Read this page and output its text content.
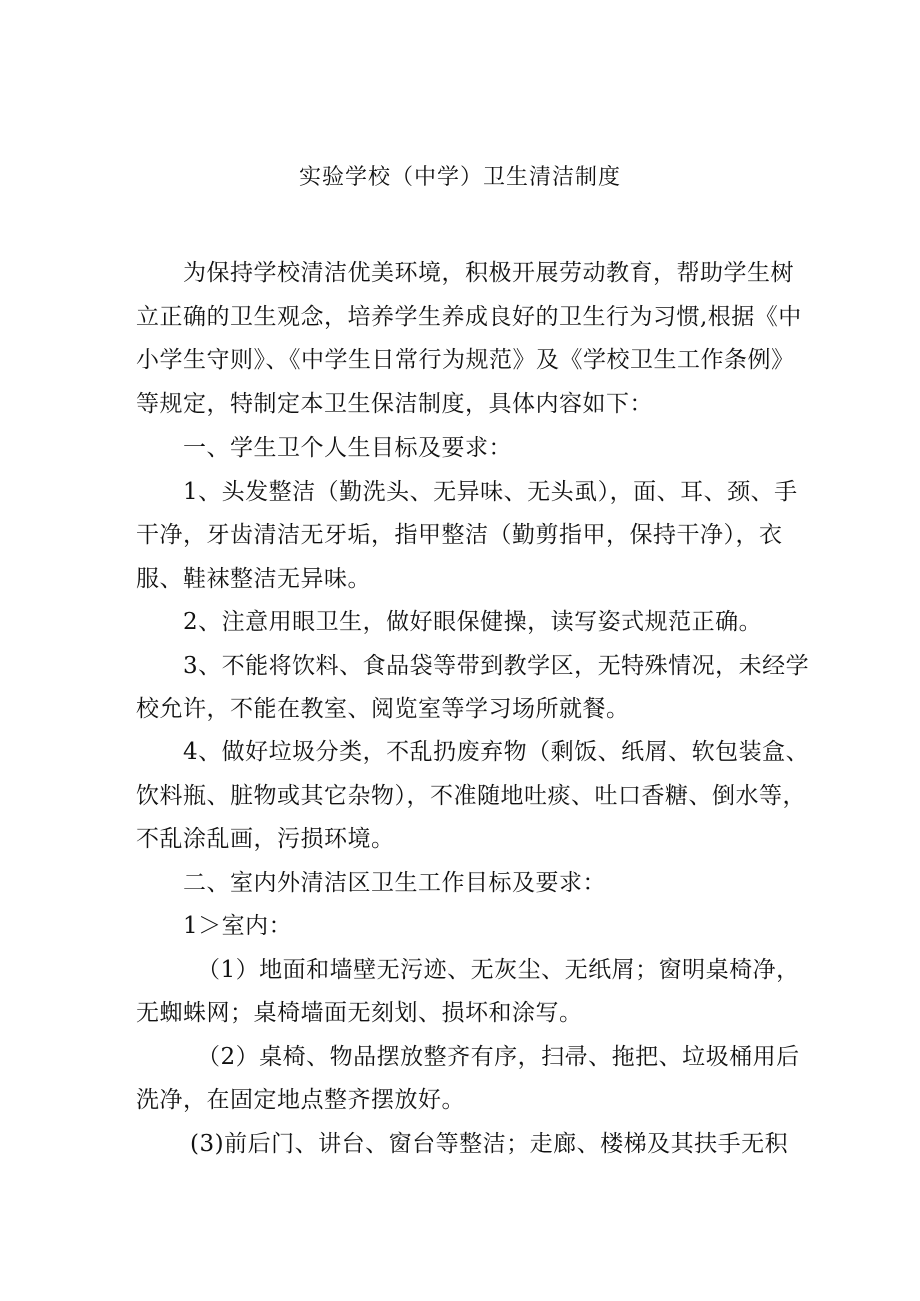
实验学校（中学）卫生清洁制度
为保持学校清洁优美环境，积极开展劳动教育，帮助学生树
立正确的卫生观念，培养学生养成良好的卫生行为习惯,根据《中
小学生守则》、《中学生日常行为规范》及《学校卫生工作条例》
等规定，特制定本卫生保洁制度，具体内容如下：
一、学生卫个人生目标及要求：
1、头发整洁（勤洗头、无异味、无头虱），面、耳、颈、手
干净，牙齿清洁无牙垢，指甲整洁（勤剪指甲，保持干净），衣
服、鞋袜整洁无异味。
2、注意用眼卫生，做好眼保健操，读写姿式规范正确。
3、不能将饮料、食品袋等带到教学区，无特殊情况，未经学
校允许，不能在教室、阅览室等学习场所就餐。
4、做好垃圾分类，不乱扔废弃物（剩饭、纸屑、软包装盒、
饮料瓶、脏物或其它杂物），不准随地吐痰、吐口香糖、倒水等，
不乱涂乱画，污损环境。
二、室内外清洁区卫生工作目标及要求：
1＞室内：
（1）地面和墙壁无污迹、无灰尘、无纸屑；窗明桌椅净，
无蜘蛛网；桌椅墙面无刻划、损坏和涂写。
（2）桌椅、物品摆放整齐有序，扫帚、拖把、垃圾桶用后
洗净，在固定地点整齐摆放好。
(3)前后门、讲台、窗台等整洁；走廊、楼梯及其扶手无积
